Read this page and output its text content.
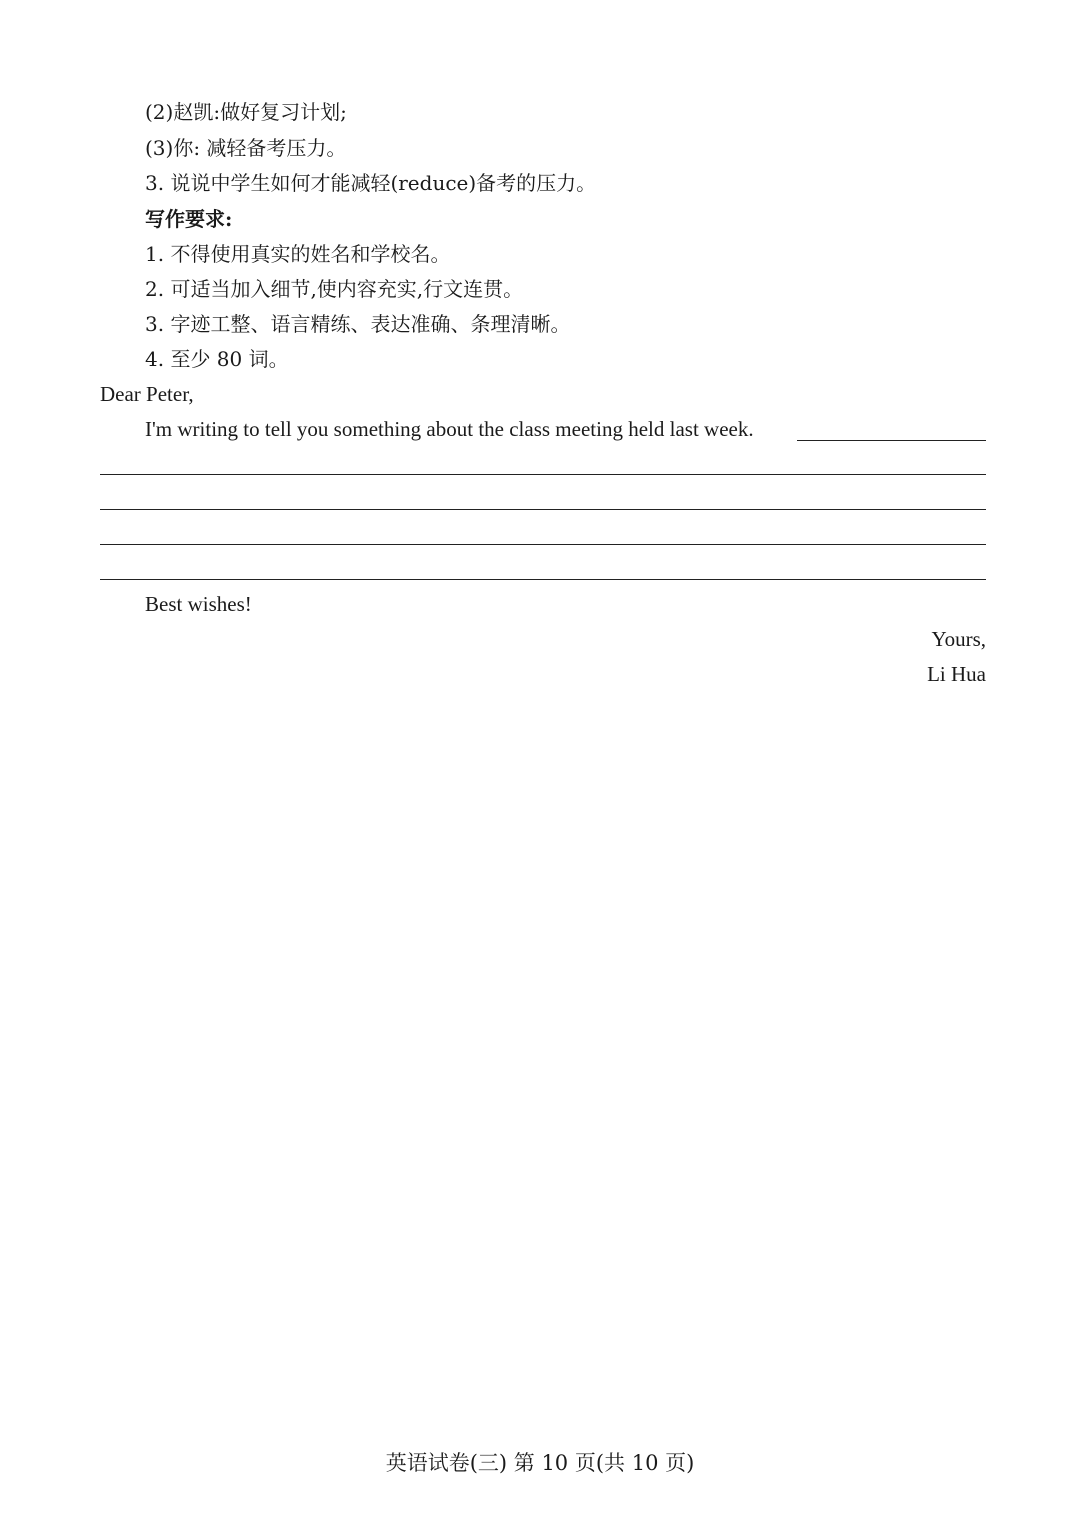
(2)赵凯:做好复习计划;
(3)你: 减轻备考压力。
3. 说说中学生如何才能减轻(reduce)备考的压力。
写作要求:
1. 不得使用真实的姓名和学校名。
2. 可适当加入细节,使内容充实,行文连贯。
3. 字迹工整、语言精练、表达准确、条理清晰。
4. 至少 80 词。
Dear Peter,
I'm writing to tell you something about the class meeting held last week.
Best wishes!
Yours,
Li Hua
英语试卷(三) 第 10 页(共 10 页)
